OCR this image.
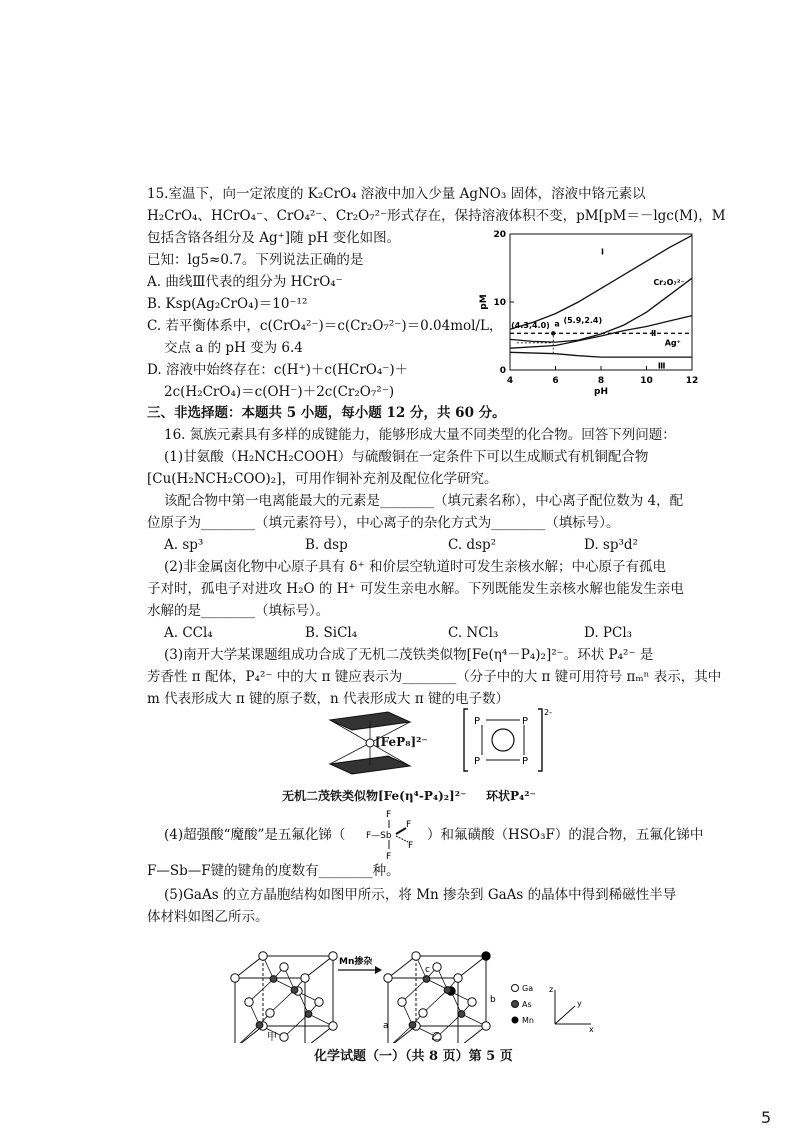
15.室温下，向一定浓度的 K₂CrO₄ 溶液中加入少量 AgNO₃ 固体，溶液中铬元素以
H₂CrO₄、HCrO₄⁻、CrO₄²⁻、Cr₂O₇²⁻形式存在，保持溶液体积不变，pM[pM＝－lgc(M)，M
包括含铬各组分及 Ag⁺]随 pH 变化如图。
已知：lg5≈0.7。下列说法正确的是
A. 曲线Ⅲ代表的组分为 HCrO₄⁻
B. Ksp(Ag₂CrO₄)＝10⁻¹²
C. 若平衡体系中，c(CrO₄²⁻)＝c(Cr₂O₇²⁻)＝0.04mol/L，
交点 a 的 pH 变为 6.4
D. 溶液中始终存在：c(H⁺)＋c(HCrO₄⁻)＋
2c(H₂CrO₄)＝c(OH⁻)＋2c(Cr₂O₇²⁻)
4	6	8	10	12
0
10
20
pH
pM
Ⅰ
Cr₂O₇²⁻
Ⅱ
Ag⁺
Ⅲ
(4.3,4.0) a (5.9,2.4)
三、非选择题：本题共 5 小题，每小题 12 分，共 60 分。
16. 氮族元素具有多样的成键能力，能够形成大量不同类型的化合物。回答下列问题：
(1)甘氨酸（H₂NCH₂COOH）与硫酸铜在一定条件下可以生成顺式有机铜配合物
[Cu(H₂NCH₂COO)₂]，可用作铜补充剂及配位化学研究。
该配合物中第一电离能最大的元素是________（填元素名称），中心离子配位数为 4，配
位原子为________（填元素符号），中心离子的杂化方式为________（填标号）。
A. sp³	B. dsp	C. dsp²	D. sp³d²
(2)非金属卤化物中心原子具有 δ⁺ 和价层空轨道时可发生亲核水解；中心原子有孤电
子对时，孤电子对进攻 H₂O 的 H⁺ 可发生亲电水解。下列既能发生亲核水解也能发生亲电
水解的是________（填标号）。
A. CCl₄	B. SiCl₄	C. NCl₃	D. PCl₃
(3)南开大学某课题组成功合成了无机二茂铁类似物[Fe(η⁴－P₄)₂]²⁻。环状 P₄²⁻ 是
芳香性 π 配体，P₄²⁻ 中的大 π 键应表示为________（分子中的大 π 键可用符号 πₘⁿ 表示，其中
m 代表形成大 π 键的原子数，n 代表形成大 π 键的电子数）
[FeP₈]²⁻
无机二茂铁类似物[Fe(η⁴-P₄)₂]²⁻
P	P
P	P
2-
环状P₄²⁻
(4)超强酸“魔酸”是五氟化锑（
F
F—Sb
F
F
F
）和氟磺酸（HSO₃F）的混合物，五氟化锑中
F—Sb—F键的键角的度数有________种。
(5)GaAs 的立方晶胞结构如图甲所示，将 Mn 掺杂到 GaAs 的晶体中得到稀磁性半导
体材料如图乙所示。
Mn掺杂
甲	乙
a
b
c
Ga
As
Mn
z
y
x
化学试题（一）（共 8 页）第 5 页
5
